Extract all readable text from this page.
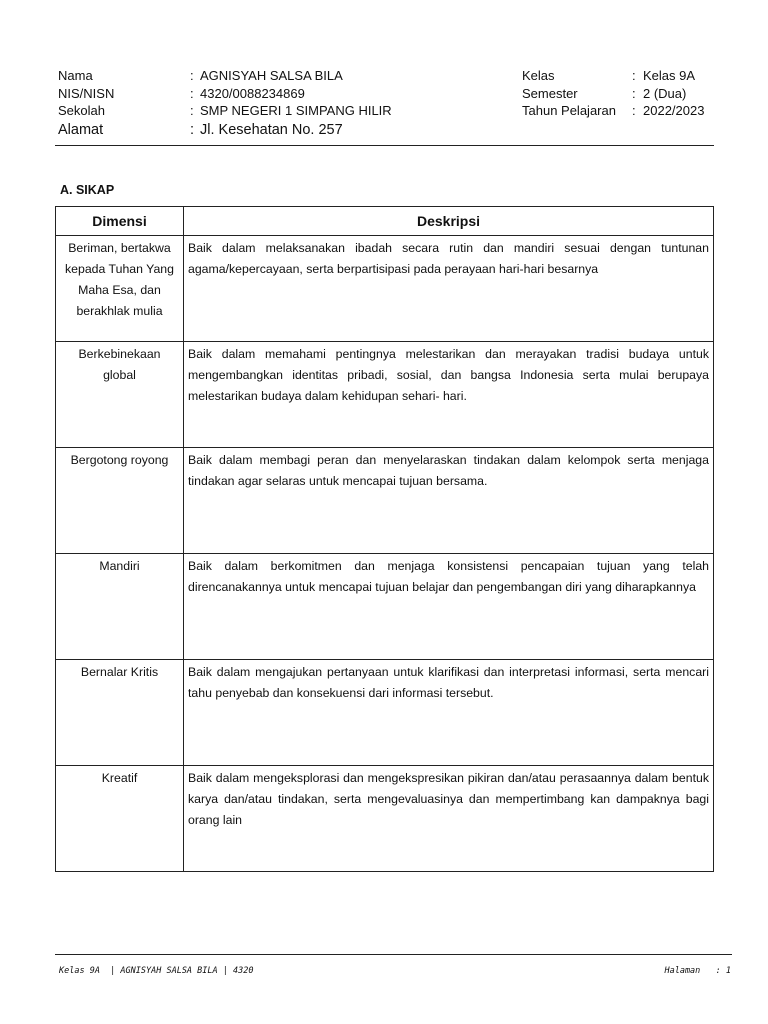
Nama	: AGNISYAH SALSA BILA	Kelas	: Kelas 9A
NIS/NISN	: 4320/0088234869	Semester	: 2 (Dua)
Sekolah	: SMP NEGERI 1 SIMPANG HILIR	Tahun Pelajaran : 2022/2023
Alamat	: Jl. Kesehatan No. 257
A. SIKAP
Dimensi	Deskripsi
Beriman, bertakwa kepada Tuhan Yang Maha Esa, dan berakhlak mulia	Baik dalam melaksanakan ibadah secara rutin dan mandiri sesuai dengan tuntunan agama/kepercayaan, serta berpartisipasi pada perayaan hari-hari besarnya
Berkebinekaan global	Baik dalam memahami pentingnya melestarikan dan merayakan tradisi budaya untuk mengembangkan identitas pribadi, sosial, dan bangsa Indonesia serta mulai berupaya melestarikan budaya dalam kehidupan sehari- hari.
Bergotong royong	Baik dalam membagi peran dan menyelaraskan tindakan dalam kelompok serta menjaga tindakan agar selaras untuk mencapai tujuan bersama.
Mandiri	Baik dalam berkomitmen dan menjaga konsistensi pencapaian tujuan yang telah direncanakannya untuk mencapai tujuan belajar dan pengembangan diri yang diharapkannya
Bernalar Kritis	Baik dalam mengajukan pertanyaan untuk klarifikasi dan interpretasi informasi, serta mencari tahu penyebab dan konsekuensi dari informasi tersebut.
Kreatif	Baik dalam mengeksplorasi dan mengekspresikan pikiran dan/atau perasaannya dalam bentuk karya dan/atau tindakan, serta mengevaluasinya dan mempertimbang kan dampaknya bagi orang lain
Kelas 9A  | AGNISYAH SALSA BILA | 4320	Halaman   : 1
